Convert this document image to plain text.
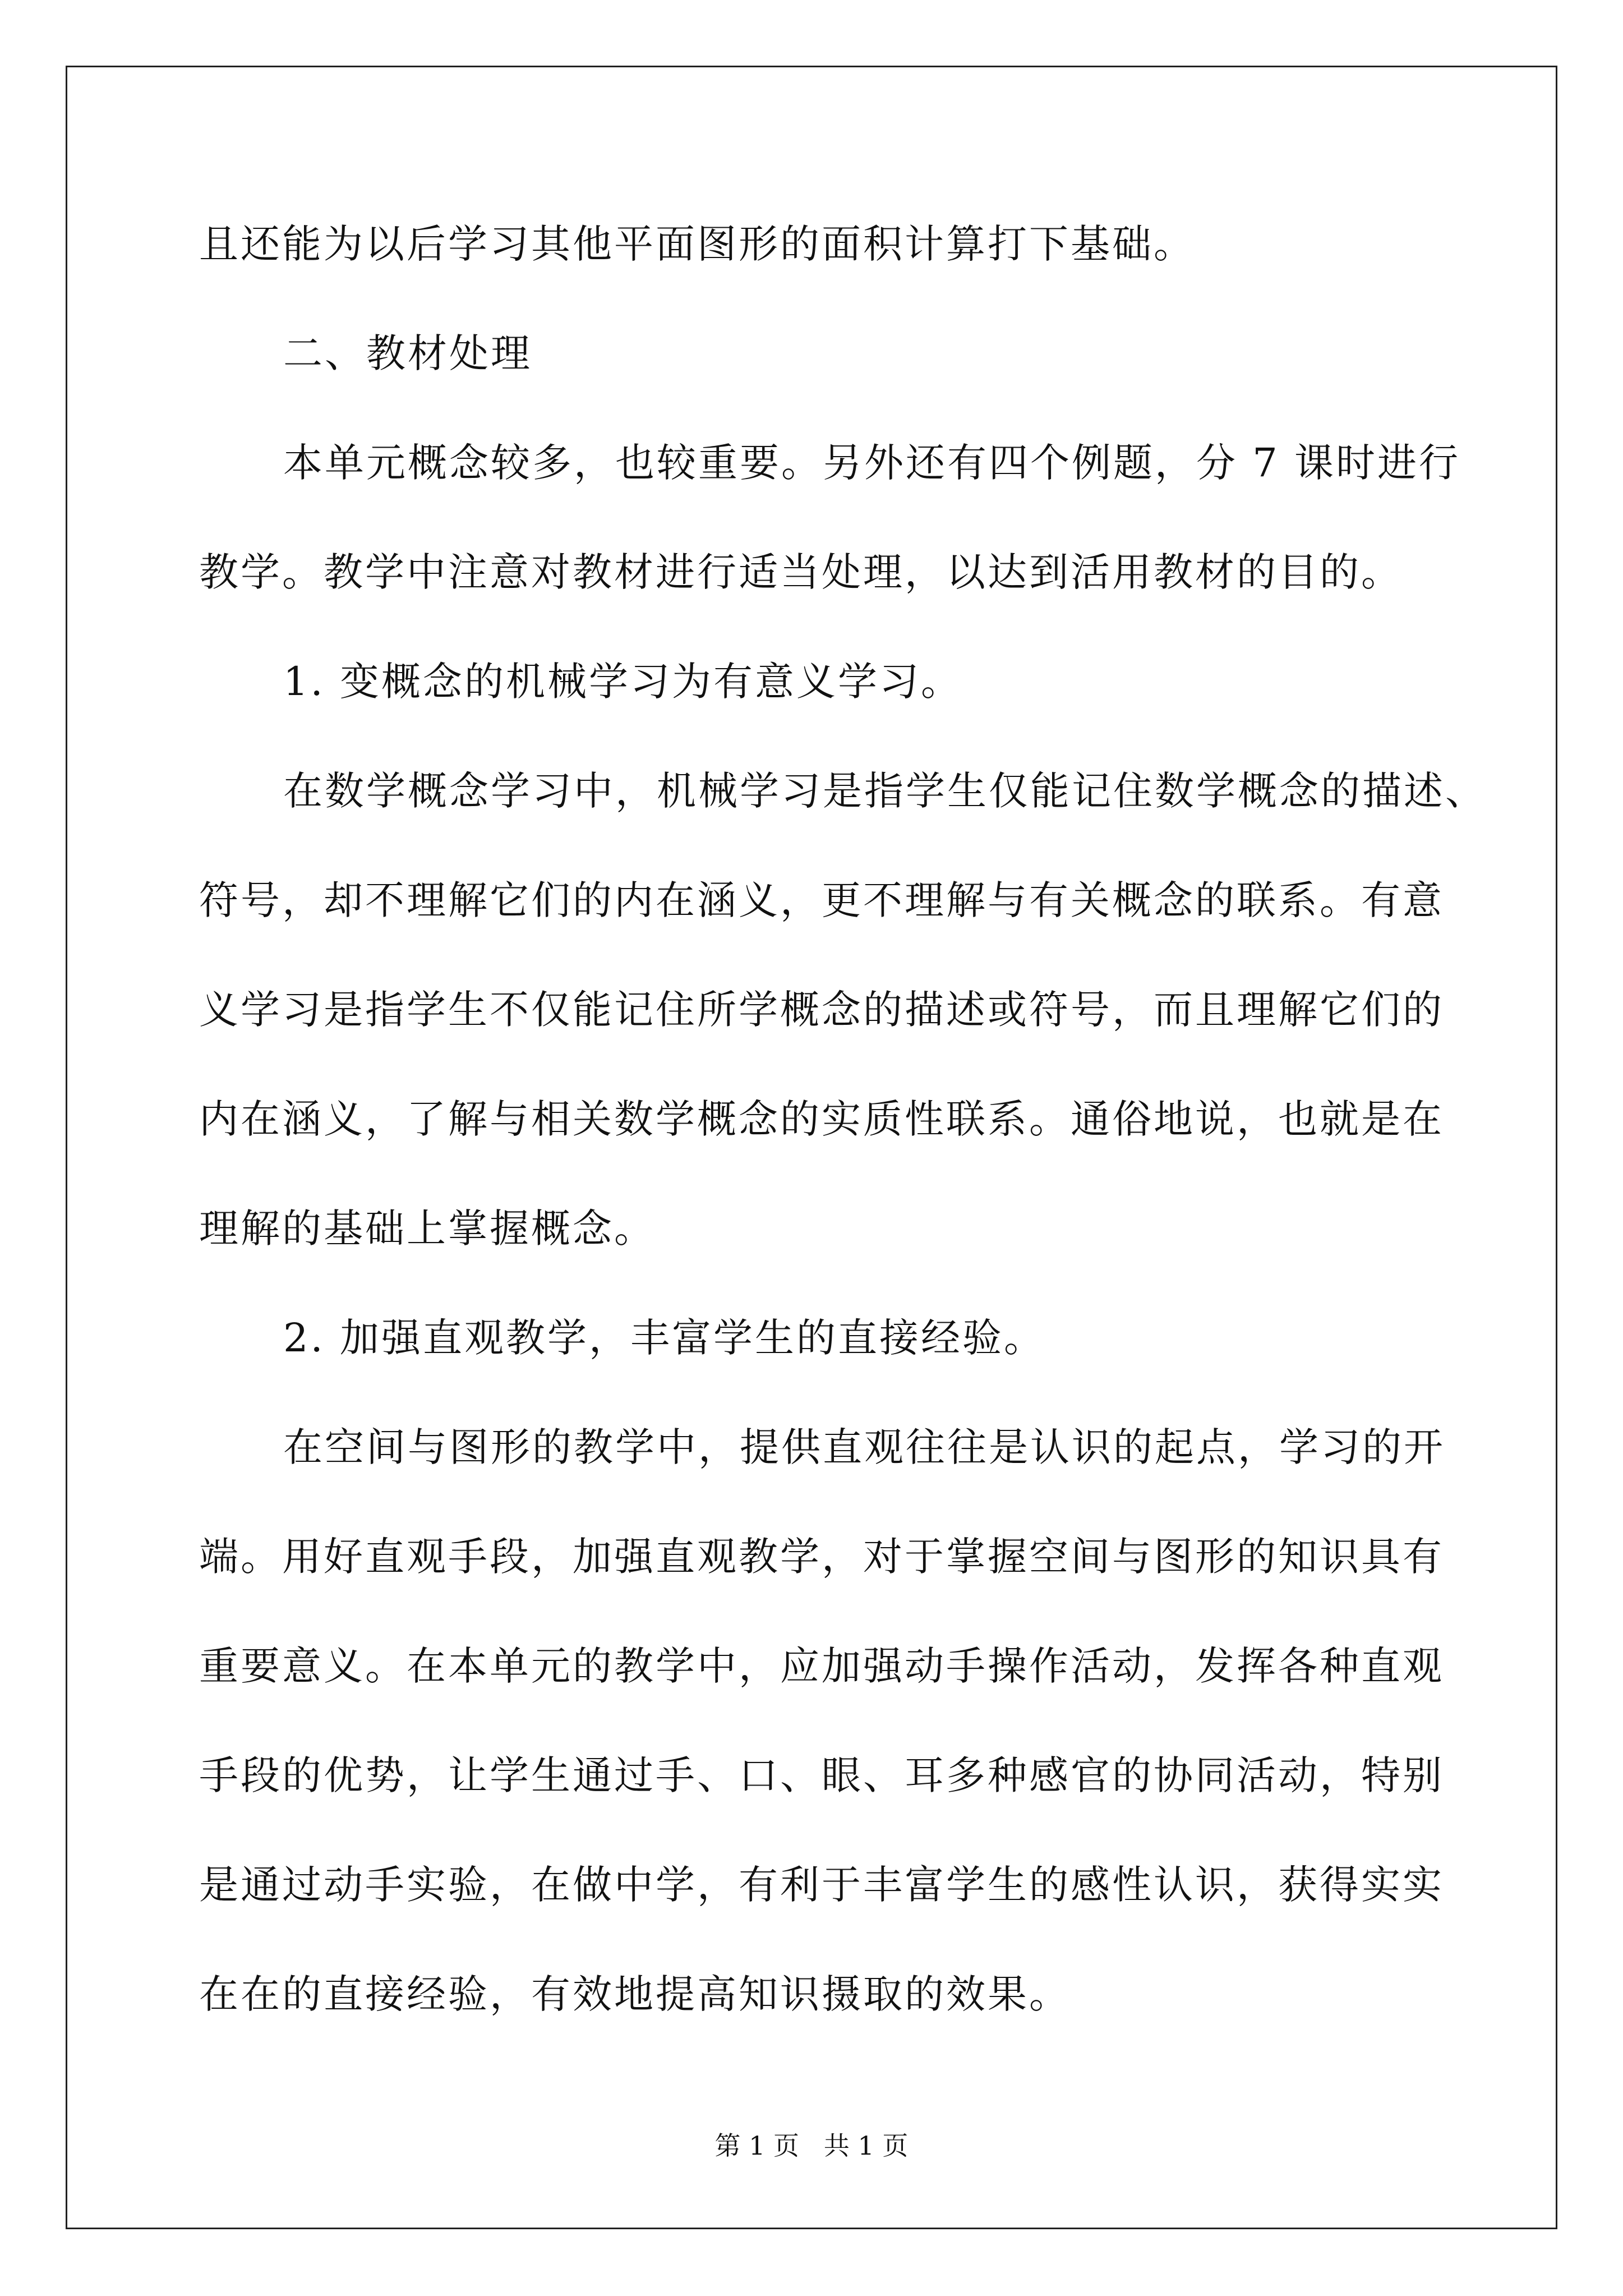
且还能为以后学习其他平面图形的面积计算打下基础。

二、教材处理

本单元概念较多，也较重要。另外还有四个例题，分 7 课时进行

教学。教学中注意对教材进行适当处理，以达到活用教材的目的。

1. 变概念的机械学习为有意义学习。

在数学概念学习中，机械学习是指学生仅能记住数学概念的描述、

符号，却不理解它们的内在涵义，更不理解与有关概念的联系。有意

义学习是指学生不仅能记住所学概念的描述或符号，而且理解它们的

内在涵义，了解与相关数学概念的实质性联系。通俗地说，也就是在

理解的基础上掌握概念。

2. 加强直观教学，丰富学生的直接经验。

在空间与图形的教学中，提供直观往往是认识的起点，学习的开

端。用好直观手段，加强直观教学，对于掌握空间与图形的知识具有

重要意义。在本单元的教学中，应加强动手操作活动，发挥各种直观

手段的优势，让学生通过手、口、眼、耳多种感官的协同活动，特别

是通过动手实验，在做中学，有利于丰富学生的感性认识，获得实实

在在的直接经验，有效地提高知识摄取的效果。

第 1 页   共 1 页
